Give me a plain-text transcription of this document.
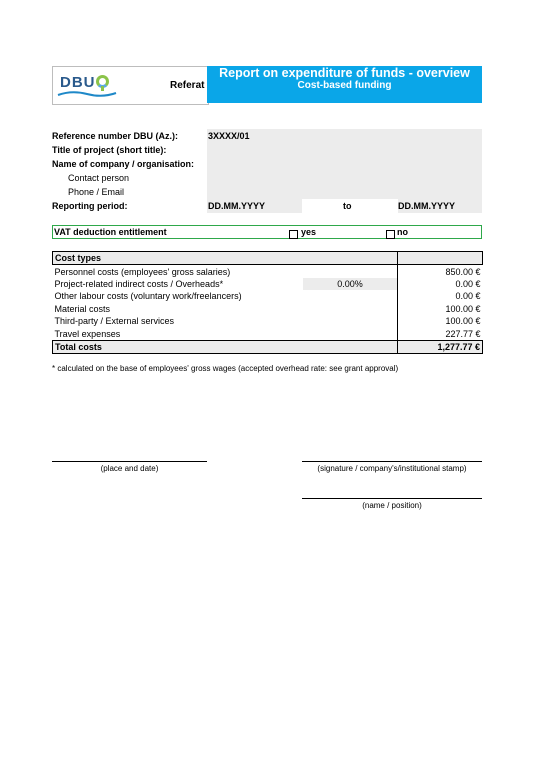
DBU	Referat
Report on expenditure of funds - overview
Cost-based funding
Reference number DBU (Az.):	3XXXX/01
Title of project (short title):
Name of company / organisation:
Contact person
Phone / Email
Reporting period:	DD.MM.YYYY	to	DD.MM.YYYY
VAT deduction entitlement	yes	no
Cost types		
Personnel costs (employees' gross salaries)		850.00 €
Project-related indirect costs / Overheads*	0.00%	0.00 €
Other labour costs (voluntary work/freelancers)		0.00 €
Material costs		100.00 €
Third-party / External services		100.00 €
Travel expenses		227.77 €
Total costs		1,277.77 €
* calculated on the base of employees' gross wages (accepted overhead rate: see grant approval)
(place and date)	(signature / company's/institutional stamp)
(name / position)
